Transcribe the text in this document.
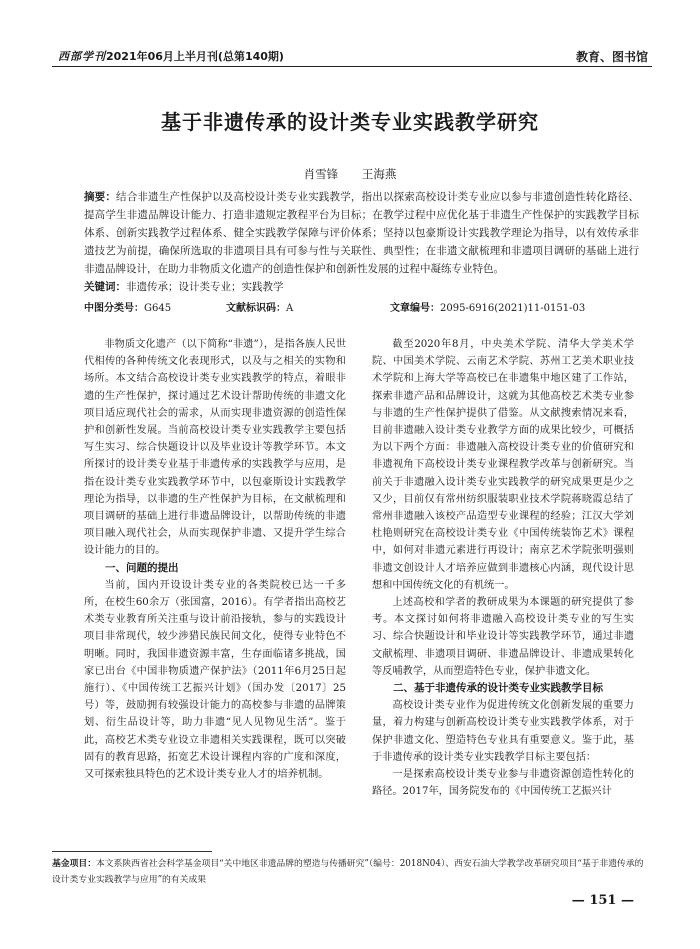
西部学刊2021年06月上半月刊(总第140期)	教育、图书馆
基于非遗传承的设计类专业实践教学研究
肖雪锋 王海燕
摘要：结合非遗生产性保护以及高校设计类专业实践教学，指出以探索高校设计类专业应以参与非遗创造性转化路径、提高学生非遗品牌设计能力、打造非遗规定教程平台为目标；在教学过程中应优化基于非遗生产性保护的实践教学目标体系、创新实践教学过程体系、健全实践教学保障与评价体系；坚持以包豪斯设计实践教学理论为指导，以有效传承非遗技艺为前提，确保所选取的非遗项目具有可参与性与关联性、典型性；在非遗文献梳理和非遗项目调研的基础上进行非遗品牌设计，在助力非物质文化遗产的创造性保护和创新性发展的过程中凝练专业特色。
关键词：非遗传承；设计类专业；实践教学
中图分类号：G645	文献标识码：A	文章编号：2095-6916(2021)11-0151-03

非物质文化遗产（以下简称“非遗”），是指各族人民世代相传的各种传统文化表现形式，以及与之相关的实物和场所。本文结合高校设计类专业实践教学的特点，着眼非遗的生产性保护，探讨通过艺术设计帮助传统的非遗文化项目适应现代社会的需求，从而实现非遗资源的创造性保护和创新性发展。当前高校设计类专业实践教学主要包括写生实习、综合快题设计以及毕业设计等教学环节。本文所探讨的设计类专业基于非遗传承的实践教学与应用，是指在设计类专业实践教学环节中，以包豪斯设计实践教学理论为指导，以非遗的生产性保护为目标，在文献梳理和项目调研的基础上进行非遗品牌设计，以帮助传统的非遗项目融入现代社会，从而实现保护非遗、又提升学生综合设计能力的目的。

一、问题的提出

当前，国内开设设计类专业的各类院校已达一千多所，在校生60余万（张国富，2016）。有学者指出高校艺术类专业教育所关注重与设计前沿接轨，参与的实践设计项目非常现代，较少涉猎民族民间文化，使得专业特色不明晰。同时，我国非遗资源丰富，生存面临诸多挑战，国家已出台《中国非物质遗产保护法》（2011年6月25日起施行）、《中国传统工艺振兴计划》（国办发〔2017〕25号）等，鼓励拥有较强设计能力的高校参与非遗的品牌策划、衍生品设计等，助力非遗“见人见物见生活”。鉴于此，高校艺术类专业设立非遗相关实践课程，既可以突破固有的教育思路，拓宽艺术设计课程内容的广度和深度，又可探索独具特色的艺术设计类专业人才的培养机制。

截至2020年8月，中央美术学院、清华大学美术学院、中国美术学院、云南艺术学院、苏州工艺美术职业技术学院和上海大学等高校已在非遗集中地区建了工作站，探索非遗产品和品牌设计，这就为其他高校艺术类专业参与非遗的生产性保护提供了借鉴。从文献搜索情况来看，目前非遗融入设计类专业教学方面的成果比较少，可概括为以下两个方面：非遗融入高校设计类专业的价值研究和非遗视角下高校设计类专业课程教学改革与创新研究。当前关于非遗融入设计类专业实践教学的研究成果更是少之又少，目前仅有常州纺织服装职业技术学院蒋晓霞总结了常州非遗融入该校产品造型专业课程的经验；江汉大学刘杜艳则研究在高校设计类专业《中国传统装饰艺术》课程中，如何对非遗元素进行再设计；南京艺术学院张明强则非遗文创设计人才培养应做到非遗核心内涵，现代设计思想和中国传统文化的有机统一。

上述高校和学者的教研成果为本课题的研究提供了参考。本文探讨如何将非遗融入高校设计类专业的写生实习、综合快题设计和毕业设计等实践教学环节，通过非遗文献梳理、非遗项目调研、非遗品牌设计、非遗成果转化等反哺教学，从而塑造特色专业，保护非遗文化。

二、基于非遗传承的设计类专业实践教学目标

高校设计类专业作为促进传统文化创新发展的重要力量，着力构建与创新高校设计类专业实践教学体系，对于保护非遗文化、塑造特色专业具有重要意义。鉴于此，基于非遗传承的设计类专业实践教学目标主要包括：

一是探索高校设计类专业参与非遗资源创造性转化的路径。2017年，国务院发布的《中国传统工艺振兴计

基金项目：本文系陕西省社会科学基金项目“关中地区非遗品牌的塑造与传播研究”（编号：2018N04）、西安石油大学教学改革研究项目“基于非遗传承的设计类专业实践教学与应用”的有关成果
— 151 —
